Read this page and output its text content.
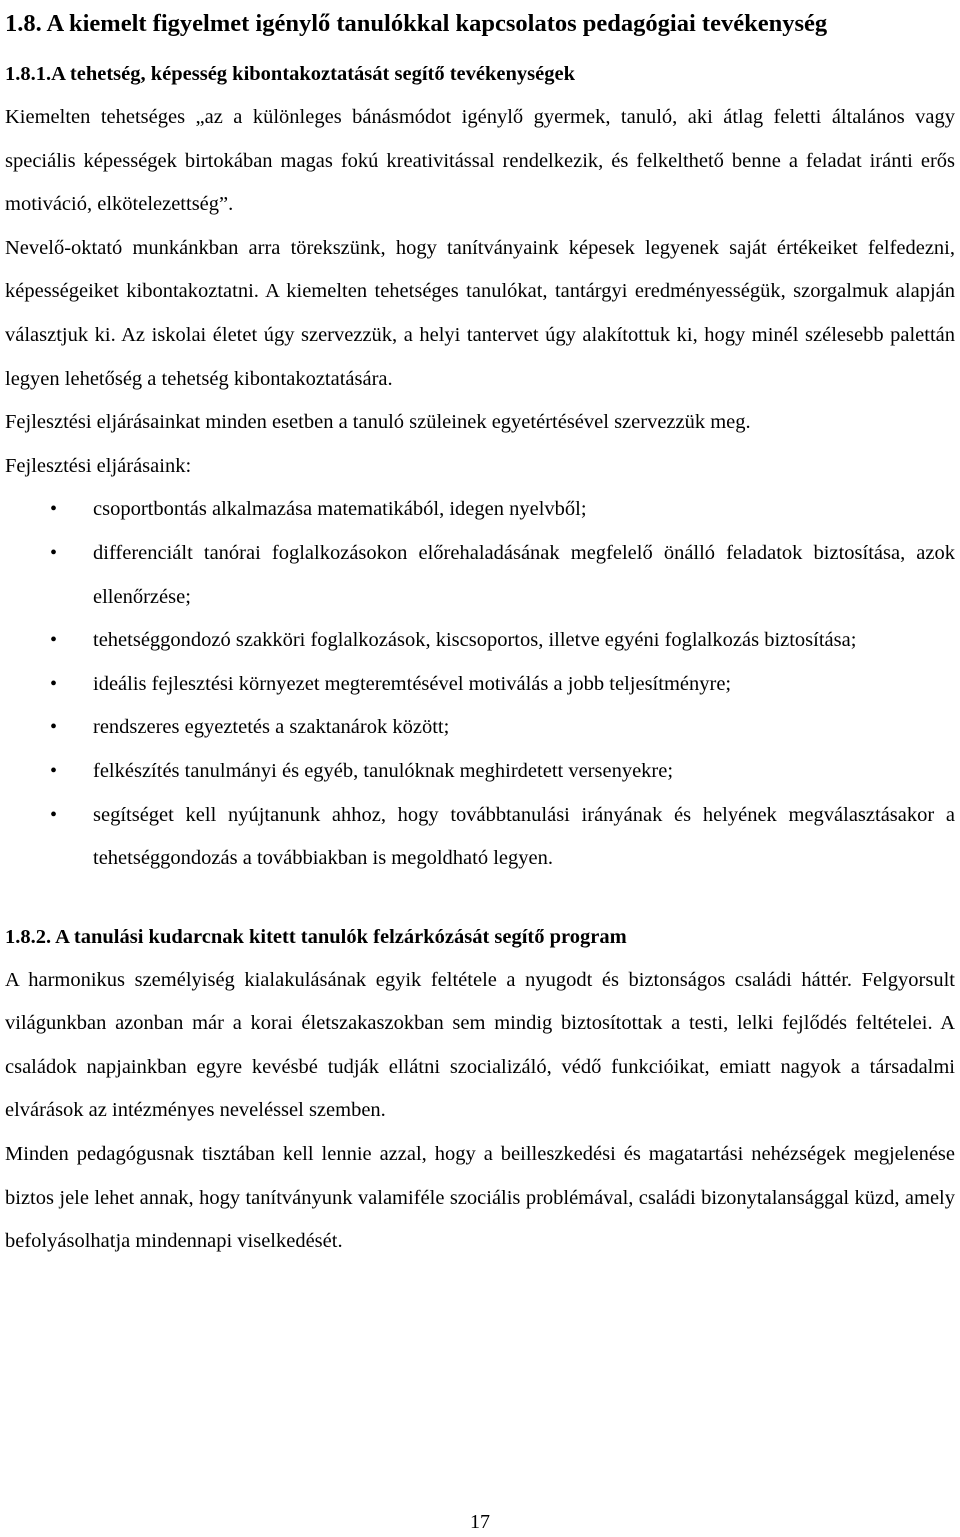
1.8. A kiemelt figyelmet igénylő tanulókkal kapcsolatos pedagógiai tevékenység
1.8.1.A tehetség, képesség kibontakoztatását segítő tevékenységek

Kiemelten tehetséges „az a különleges bánásmódot igénylő gyermek, tanuló, aki átlag feletti általános vagy speciális képességek birtokában magas fokú kreativitással rendelkezik, és felkelthető benne a feladat iránti erős motiváció, elkötelezettség”.

Nevelő-oktató munkánkban arra törekszünk, hogy tanítványaink képesek legyenek saját értékeiket felfedezni, képességeiket kibontakoztatni. A kiemelten tehetséges tanulókat, tantárgyi eredményességük, szorgalmuk alapján választjuk ki. Az iskolai életet úgy szervezzük, a helyi tantervet úgy alakítottuk ki, hogy minél szélesebb palettán legyen lehetőség a tehetség kibontakoztatására.

Fejlesztési eljárásainkat minden esetben a tanuló szüleinek egyetértésével szervezzük meg.

Fejlesztési eljárásaink:

• csoportbontás alkalmazása matematikából, idegen nyelvből;
• differenciált tanórai foglalkozásokon előrehaladásának megfelelő önálló feladatok biztosítása, azok ellenőrzése;
• tehetséggondozó szakköri foglalkozások, kiscsoportos, illetve egyéni foglalkozás biztosítása;
• ideális fejlesztési környezet megteremtésével motiválás a jobb teljesítményre;
• rendszeres egyeztetés a szaktanárok között;
• felkészítés tanulmányi és egyéb, tanulóknak meghirdetett versenyekre;
• segítséget kell nyújtanunk ahhoz, hogy továbbtanulási irányának és helyének megválasztásakor a tehetséggondozás a továbbiakban is megoldható legyen.
1.8.2. A tanulási kudarcnak kitett tanulók felzárkózását segítő program

A harmonikus személyiség kialakulásának egyik feltétele a nyugodt és biztonságos családi háttér. Felgyorsult világunkban azonban már a korai életszakaszokban sem mindig biztosítottak a testi, lelki fejlődés feltételei. A családok napjainkban egyre kevésbé tudják ellátni szocializáló, védő funkcióikat, emiatt nagyok a társadalmi elvárások az intézményes neveléssel szemben.

Minden pedagógusnak tisztában kell lennie azzal, hogy a beilleszkedési és magatartási nehézségek megjelenése biztos jele lehet annak, hogy tanítványunk valamiféle szociális problémával, családi bizonytalansággal küzd, amely befolyásolhatja mindennapi viselkedését.

17
